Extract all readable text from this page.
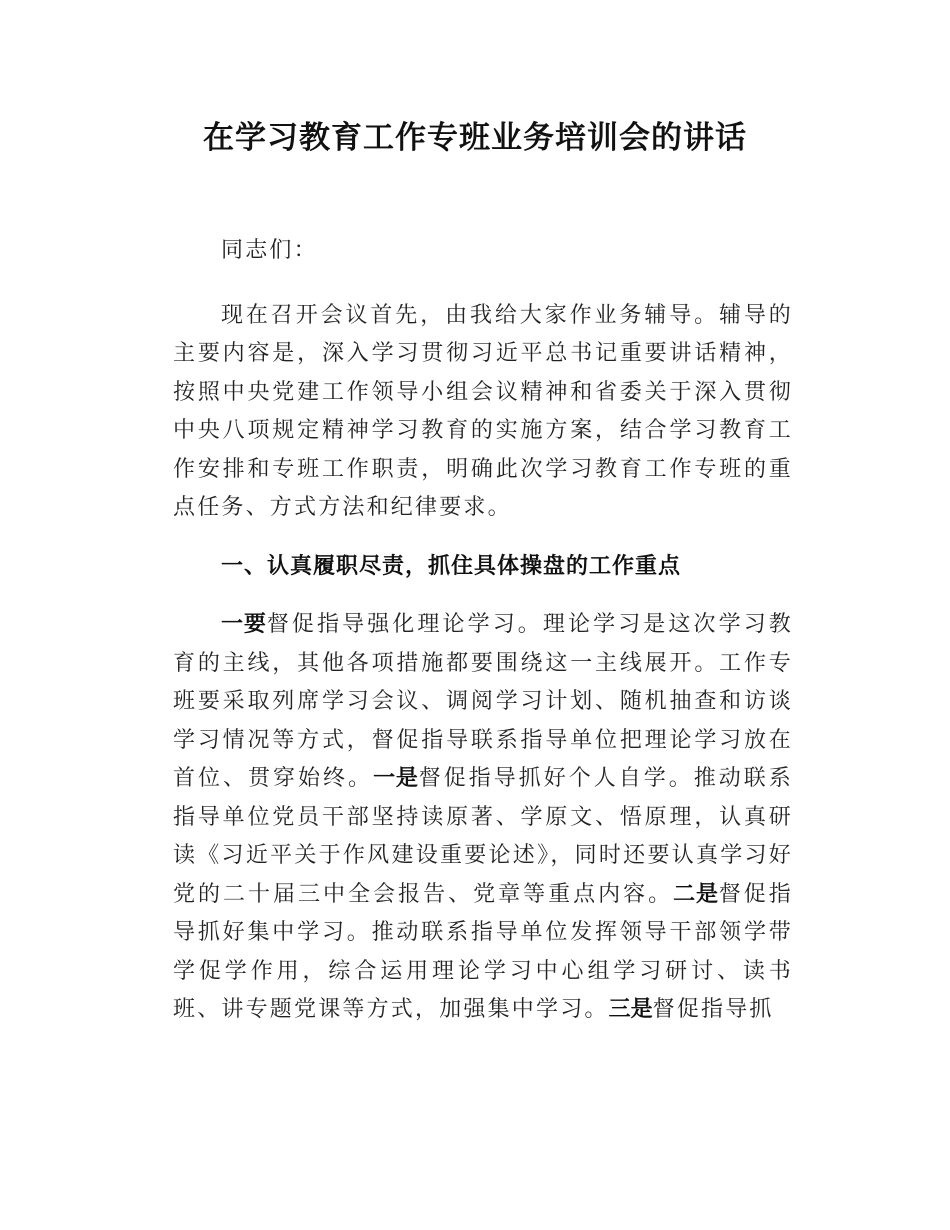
在学习教育工作专班业务培训会的讲话

同志们：

现在召开会议首先，由我给大家作业务辅导。辅导的主要内容是，深入学习贯彻习近平总书记重要讲话精神，按照中央党建工作领导小组会议精神和省委关于深入贯彻中央八项规定精神学习教育的实施方案，结合学习教育工作安排和专班工作职责，明确此次学习教育工作专班的重点任务、方式方法和纪律要求。

一、认真履职尽责，抓住具体操盘的工作重点

一要督促指导强化理论学习。理论学习是这次学习教育的主线，其他各项措施都要围绕这一主线展开。工作专班要采取列席学习会议、调阅学习计划、随机抽查和访谈学习情况等方式，督促指导联系指导单位把理论学习放在首位、贯穿始终。一是督促指导抓好个人自学。推动联系指导单位党员干部坚持读原著、学原文、悟原理，认真研读《习近平关于作风建设重要论述》，同时还要认真学习好党的二十届三中全会报告、党章等重点内容。二是督促指导抓好集中学习。推动联系指导单位发挥领导干部领学带学促学作用，综合运用理论学习中心组学习研讨、读书班、讲专题党课等方式，加强集中学习。三是督促指导抓
